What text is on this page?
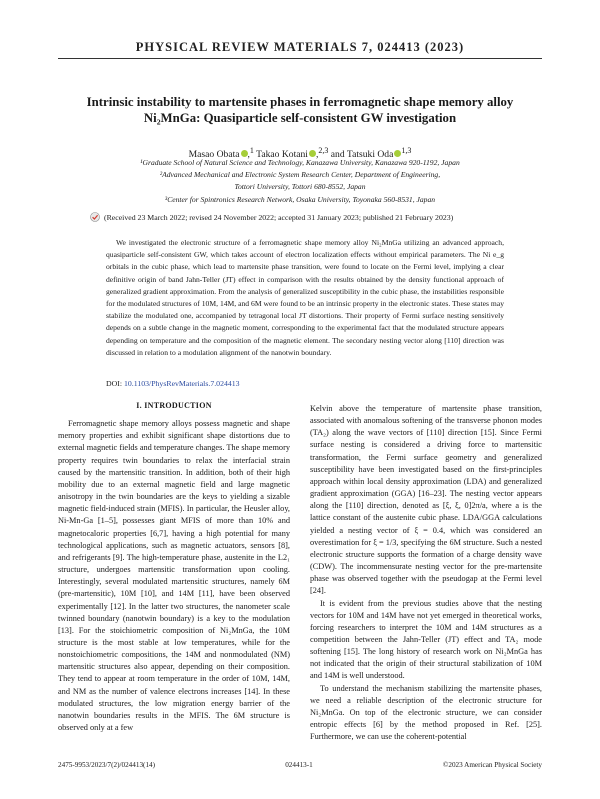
PHYSICAL REVIEW MATERIALS 7, 024413 (2023)
Intrinsic instability to martensite phases in ferromagnetic shape memory alloy
Ni₂MnGa: Quasiparticle self-consistent GW investigation
Masao Obata ,$^1$ Takao Kotani ,$^{2,3}$ and Tatsuki Oda $^{1,3}$
¹Graduate School of Natural Science and Technology, Kanazawa University, Kanazawa 920-1192, Japan
²Advanced Mechanical and Electronic System Research Center, Department of Engineering,
Tottori University, Tottori 680-8552, Japan
³Center for Spintronics Research Network, Osaka University, Toyonaka 560-8531, Japan
(Received 23 March 2022; revised 24 November 2022; accepted 31 January 2023; published 21 February 2023)
We investigated the electronic structure of a ferromagnetic shape memory alloy Ni₂MnGa utilizing an advanced approach, quasiparticle self-consistent GW, which takes account of electron localization effects without empirical parameters. The Ni e_g orbitals in the cubic phase, which lead to martensite phase transition, were found to locate on the Fermi level, implying a clear definitive origin of band Jahn-Teller (JT) effect in comparison with the results obtained by the density functional approach of generalized gradient approximation. From the analysis of generalized susceptibility in the cubic phase, the instabilities responsible for the modulated structures of 10M, 14M, and 6M were found to be an intrinsic property in the electronic states. These states may stabilize the modulated one, accompanied by tetragonal local JT distortions. Their property of Fermi surface nesting sensitively depends on a subtle change in the magnetic moment, corresponding to the experimental fact that the modulated structure appears depending on temperature and the composition of the magnetic element. The secondary nesting vector along [110] direction was discussed in relation to a modulation alignment of the nanotwin boundary.
DOI: 10.1103/PhysRevMaterials.7.024413
I. INTRODUCTION

Ferromagnetic shape memory alloys possess magnetic and shape memory properties and exhibit significant shape distortions due to external magnetic fields and temperature changes. The shape memory property requires twin boundaries to relax the interfacial strain caused by the martensitic transition. In addition, both of their high mobility due to an external magnetic field and large magnetic anisotropy in the twin boundaries are the keys to yielding a sizable magnetic field-induced strain (MFIS). In particular, the Heusler alloy, Ni-Mn-Ga [1–5], possesses giant MFIS of more than 10% and magnetocaloric properties [6,7], having a high potential for many technological applications, such as magnetic actuators, sensors [8], and refrigerants [9]. The high-temperature phase, austenite in the L2₁ structure, undergoes martensitic transformation upon cooling. Interestingly, several modulated martensitic structures, namely 6M (pre-martensitic), 10M [10], and 14M [11], have been observed experimentally [12]. In the latter two structures, the nanometer scale twinned boundary (nanotwin boundary) is a key to the modulation [13]. For the stoichiometric composition of Ni₂MnGa, the 10M structure is the most stable at low temperatures, while for the nonstoichiometric compositions, the 14M and nonmodulated (NM) martensitic structures also appear, depending on their composition. They tend to appear at room temperature in the order of 10M, 14M, and NM as the number of valence electrons increases [14]. In these modulated structures, the low migration energy barrier of the nanotwin boundaries results in the MFIS. The 6M structure is observed only at a few

Kelvin above the temperature of martensite phase transition, associated with anomalous softening of the transverse phonon modes (TA₂) along the wave vectors of [110] direction [15]. Since Fermi surface nesting is considered a driving force to martensitic transformation, the Fermi surface geometry and generalized susceptibility have been investigated based on the first-principles approach within local density approximation (LDA) and generalized gradient approximation (GGA) [16–23]. The nesting vector appears along the [110] direction, denoted as [ξ, ξ, 0]2π/a, where a is the lattice constant of the austenite cubic phase. LDA/GGA calculations yielded a nesting vector of ξ = 0.4, which was considered an overestimation for ξ = 1/3, specifying the 6M structure. Such a nested electronic structure supports the formation of a charge density wave (CDW). The incommensurate nesting vector for the pre-martensite phase was observed together with the pseudogap at the Fermi level [24].

It is evident from the previous studies above that the nesting vectors for 10M and 14M have not yet emerged in theoretical works, forcing researchers to interpret the 10M and 14M structures as a competition between the Jahn-Teller (JT) effect and TA₂ mode softening [15]. The long history of research work on Ni₂MnGa has not indicated that the origin of their structural stabilization of 10M and 14M is well understood.

To understand the mechanism stabilizing the martensite phases, we need a reliable description of the electronic structure for Ni₂MnGa. On top of the electronic structure, we can consider entropic effects [6] by the method proposed in Ref. [25]. Furthermore, we can use the coherent-potential

2475-9953/2023/7(2)/024413(14)	024413-1	©2023 American Physical Society
